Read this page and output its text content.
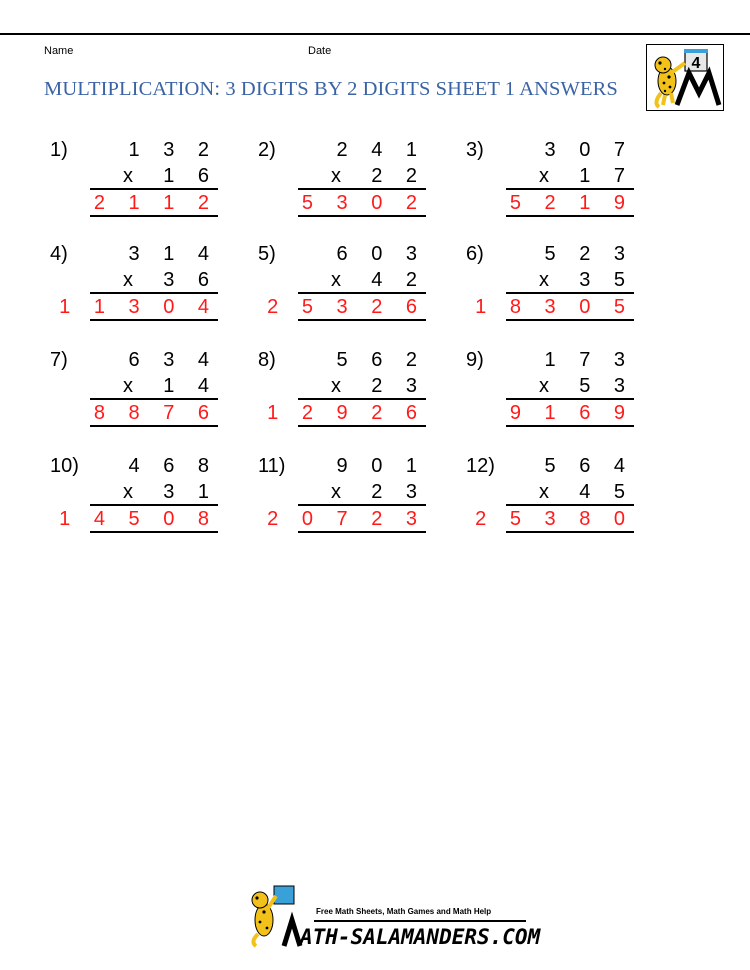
Name	Date
MULTIPLICATION: 3 DIGITS BY 2 DIGITS SHEET 1 ANSWERS
4
1)	1 3 2
x 1 6
2 1 1 2
2)	2 4 1
x 2 2
5 3 0 2
3)	3 0 7
x 1 7
5 2 1 9
4)	3 1 4
x 3 6
1 1 3 0 4
5)	6 0 3
x 4 2
2 5 3 2 6
6)	5 2 3
x 3 5
1 8 3 0 5
7)	6 3 4
x 1 4
8 8 7 6
8)	5 6 2
x 2 3
1 2 9 2 6
9)	1 7 3
x 5 3
9 1 6 9
10) 4 6 8
x 3 1
1 4 5 0 8
11)	9 0 1
x 2 3
2 0 7 2 3
12) 5 6 4
x 4 5
2 5 3 8 0
Free Math Sheets, Math Games and Math Help
ATH-SALAMANDERS.COM
